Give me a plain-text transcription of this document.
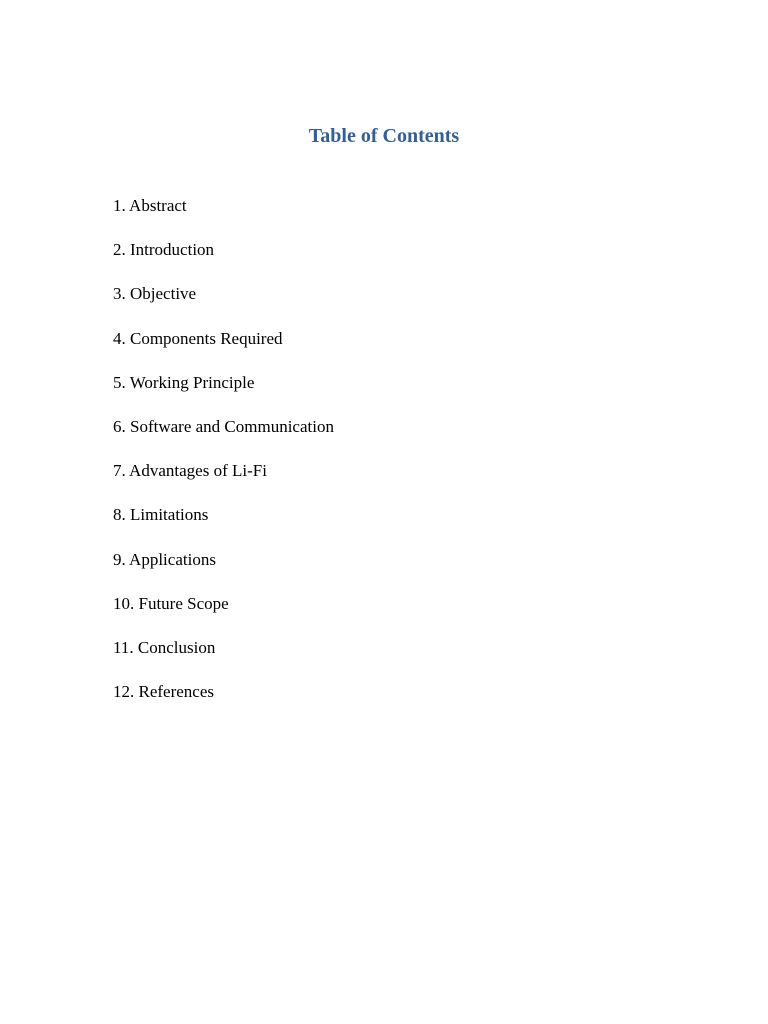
Table of Contents
1. Abstract
2. Introduction
3. Objective
4. Components Required
5. Working Principle
6. Software and Communication
7. Advantages of Li-Fi
8. Limitations
9. Applications
10. Future Scope
11. Conclusion
12. References
